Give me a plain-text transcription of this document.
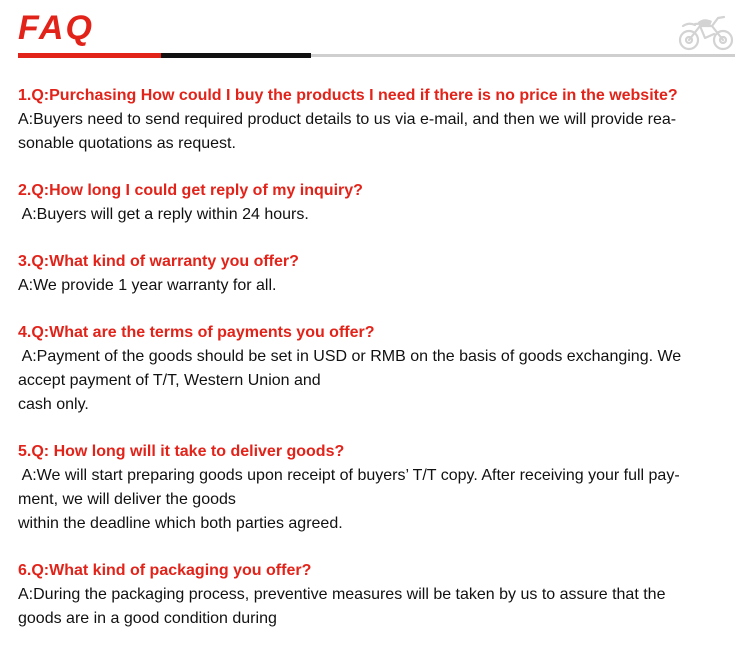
FAQ
1.Q:Purchasing How could I buy the products I need if there is no price in the website?
A:Buyers need to send required product details to us via e-mail, and then we will provide rea-
sonable quotations as request.
2.Q:How long I could get reply of my inquiry?
A:Buyers will get a reply within 24 hours.
3.Q:What kind of warranty you offer?
A:We provide 1 year warranty for all.
4.Q:What are the terms of payments you offer?
A:Payment of the goods should be set in USD or RMB on the basis of goods exchanging. We
accept payment of T/T, Western Union and
cash only.
5.Q: How long will it take to deliver goods?
A:We will start preparing goods upon receipt of buyers’ T/T copy. After receiving your full pay-
ment, we will deliver the goods
within the deadline which both parties agreed.
6.Q:What kind of packaging you offer?
A:During the packaging process, preventive measures will be taken by us to assure that the
goods are in a good condition during
